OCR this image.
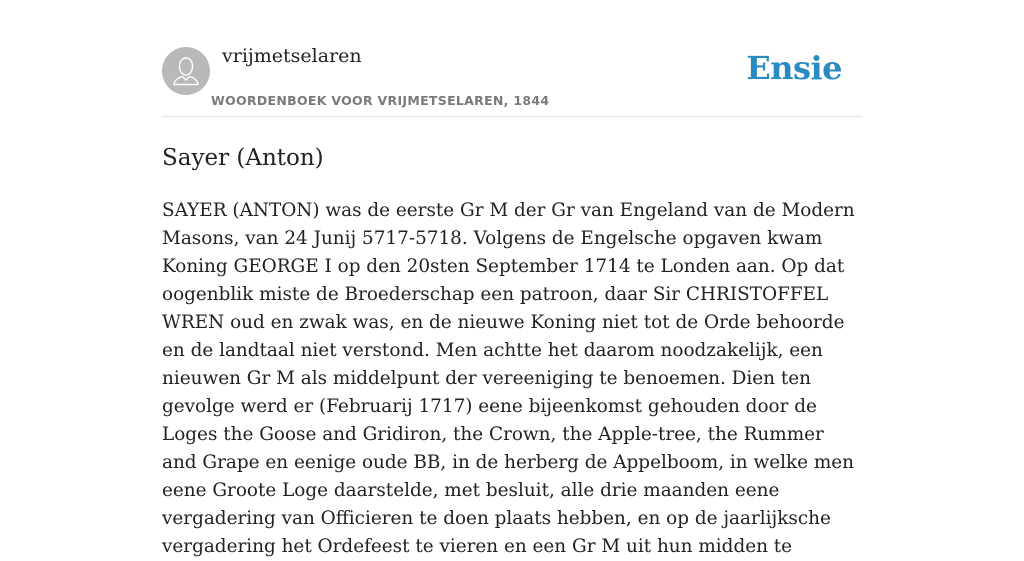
vrijmetselaren
WOORDENBOEK VOOR VRIJMETSELAREN, 1844
Ensie
Sayer (Anton)

SAYER (ANTON) was de eerste Gr M der Gr van Engeland van de Modern Masons, van 24 Junij 5717-5718. Volgens de Engelsche opgaven kwam Koning GEORGE I op den 20sten September 1714 te Londen aan. Op dat oogenblik miste de Broederschap een patroon, daar Sir CHRISTOFFEL WREN oud en zwak was, en de nieuwe Koning niet tot de Orde behoorde en de landtaal niet verstond. Men achtte het daarom noodzakelijk, een nieuwen Gr M als middelpunt der vereeniging te benoemen. Dien ten gevolge werd er (Februarij 1717) eene bijeenkomst gehouden door de Loges the Goose and Gridiron, the Crown, the Apple-tree, the Rummer and Grape en eenige oude BB, in de herberg de Appelboom, in welke men eene Groote Loge daarstelde, met besluit, alle drie maanden eene vergadering van Officieren te doen plaats hebben, en op de jaarlijksche vergadering het Ordefeest te vieren en een Gr M uit hun midden te
